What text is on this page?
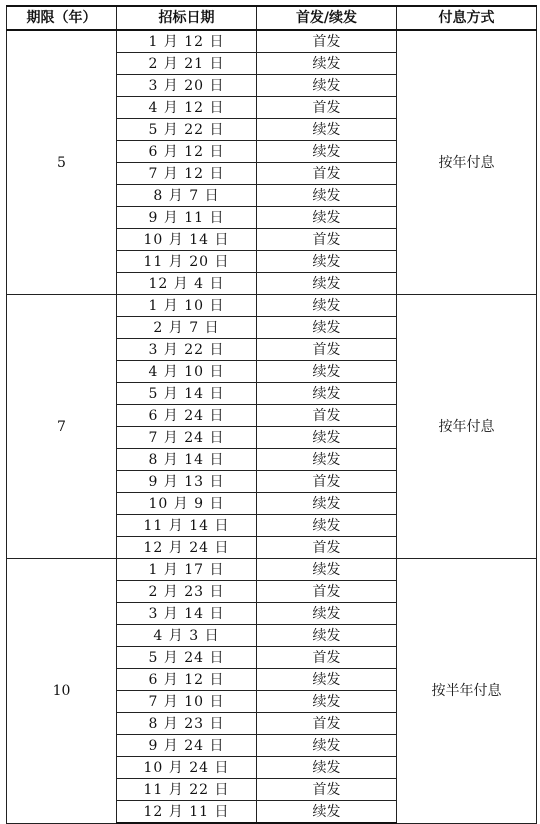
期限（年）	招标日期	首发/续发	付息方式
5	1 月 12 日	首发	按年付息
	2 月 21 日	续发	
	3 月 20 日	续发	
	4 月 12 日	首发	
	5 月 22 日	续发	
	6 月 12 日	续发	
	7 月 12 日	首发	
	8 月 7 日	续发	
	9 月 11 日	续发	
	10 月 14 日	首发	
	11 月 20 日	续发	
	12 月 4 日	续发	
7	1 月 10 日	续发	按年付息
	2 月 7 日	续发	
	3 月 22 日	首发	
	4 月 10 日	续发	
	5 月 14 日	续发	
	6 月 24 日	首发	
	7 月 24 日	续发	
	8 月 14 日	续发	
	9 月 13 日	首发	
	10 月 9 日	续发	
	11 月 14 日	续发	
	12 月 24 日	首发	
10	1 月 17 日	续发	按半年付息
	2 月 23 日	首发	
	3 月 14 日	续发	
	4 月 3 日	续发	
	5 月 24 日	首发	
	6 月 12 日	续发	
	7 月 10 日	续发	
	8 月 23 日	首发	
	9 月 24 日	续发	
	10 月 24 日	续发	
	11 月 22 日	首发	
	12 月 11 日	续发	
